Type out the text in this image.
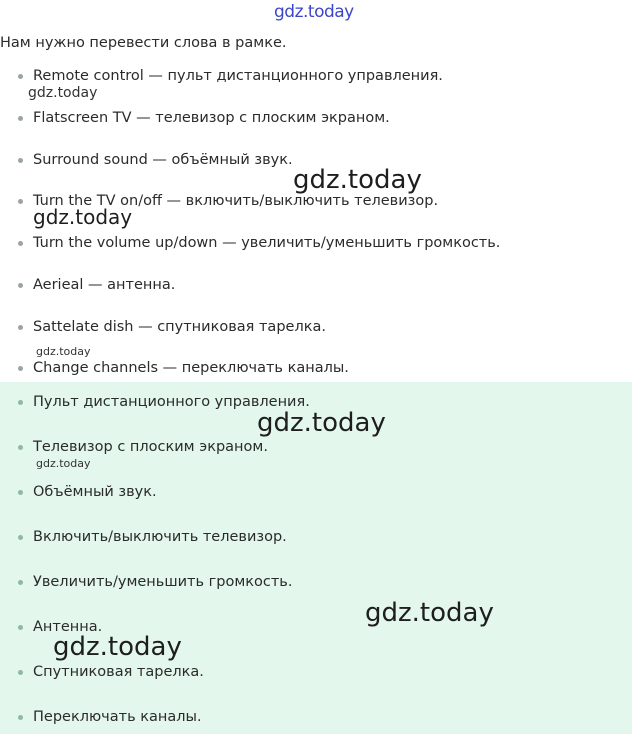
gdz.today
Нам нужно перевести слова в рамке.
Remote control — пульт дистанционного управления.
Flatscreen TV — телевизор с плоским экраном.
Surround sound — объёмный звук.
Turn the TV on/off — включить/выключить телевизор.
Turn the volume up/down — увеличить/уменьшить громкость.
Aerieal — антенна.
Sattelate dish — спутниковая тарелка.
Change channels — переключать каналы.
Пульт дистанционного управления.
Телевизор с плоским экраном.
Объёмный звук.
Включить/выключить телевизор.
Увеличить/уменьшить громкость.
Антенна.
Спутниковая тарелка.
Переключать каналы.
gdz.today
gdz.today
gdz.today
gdz.today
gdz.today
gdz.today
gdz.today
gdz.today
